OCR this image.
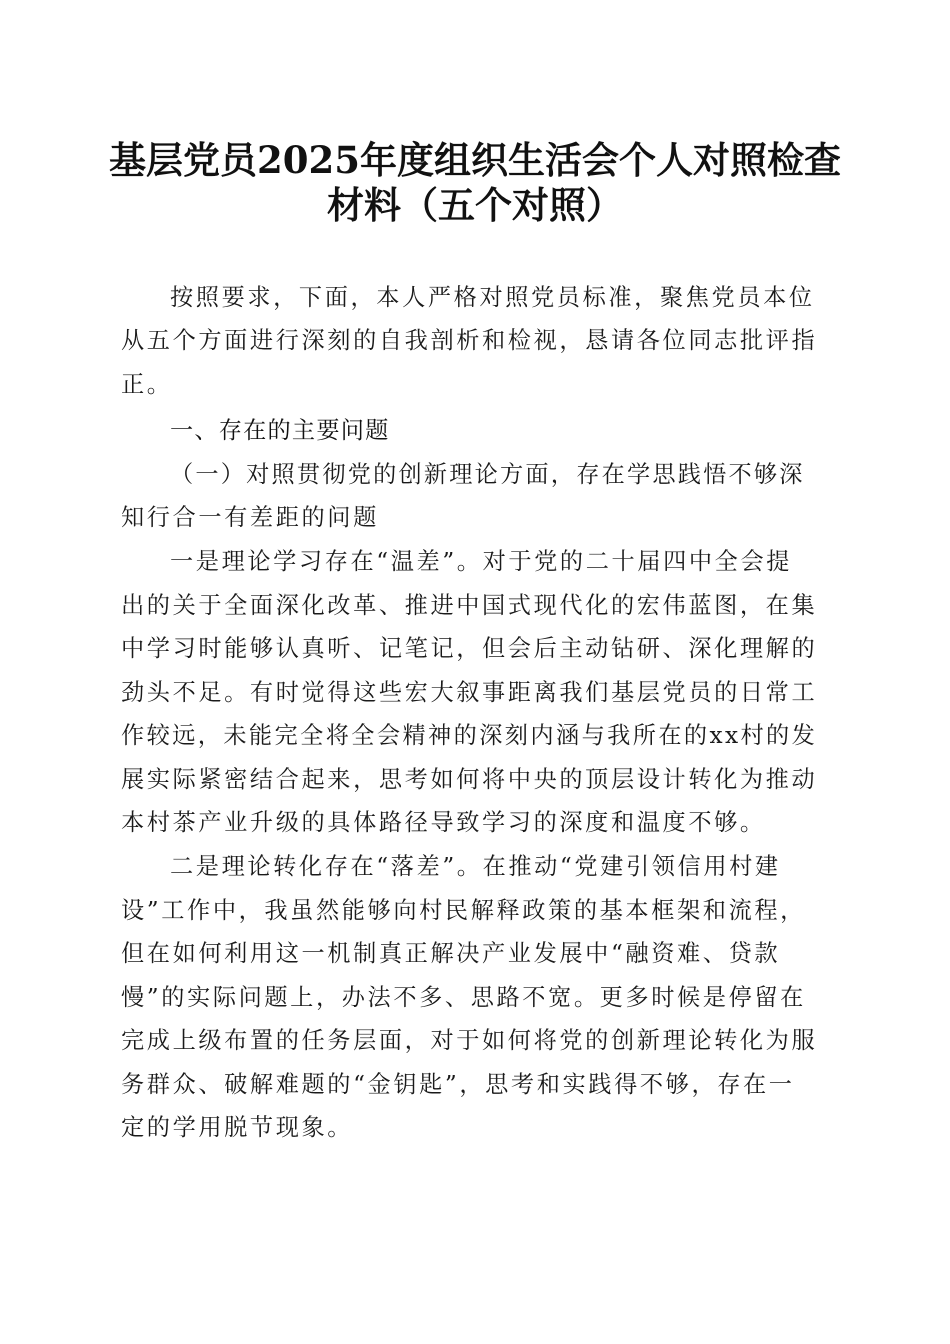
基层党员2025年度组织生活会个人对照检查
材料（五个对照）
按照要求，下面，本人严格对照党员标准，聚焦党员本位
从五个方面进行深刻的自我剖析和检视，恳请各位同志批评指
正。
一、存在的主要问题
（一）对照贯彻党的创新理论方面，存在学思践悟不够深
知行合一有差距的问题
一是理论学习存在“温差”。对于党的二十届四中全会提
出的关于全面深化改革、推进中国式现代化的宏伟蓝图，在集
中学习时能够认真听、记笔记，但会后主动钻研、深化理解的
劲头不足。有时觉得这些宏大叙事距离我们基层党员的日常工
作较远，未能完全将全会精神的深刻内涵与我所在的xx村的发
展实际紧密结合起来，思考如何将中央的顶层设计转化为推动
本村茶产业升级的具体路径导致学习的深度和温度不够。
二是理论转化存在“落差”。在推动“党建引领信用村建
设”工作中，我虽然能够向村民解释政策的基本框架和流程，
但在如何利用这一机制真正解决产业发展中“融资难、贷款
慢”的实际问题上，办法不多、思路不宽。更多时候是停留在
完成上级布置的任务层面，对于如何将党的创新理论转化为服
务群众、破解难题的“金钥匙”，思考和实践得不够，存在一
定的学用脱节现象。
